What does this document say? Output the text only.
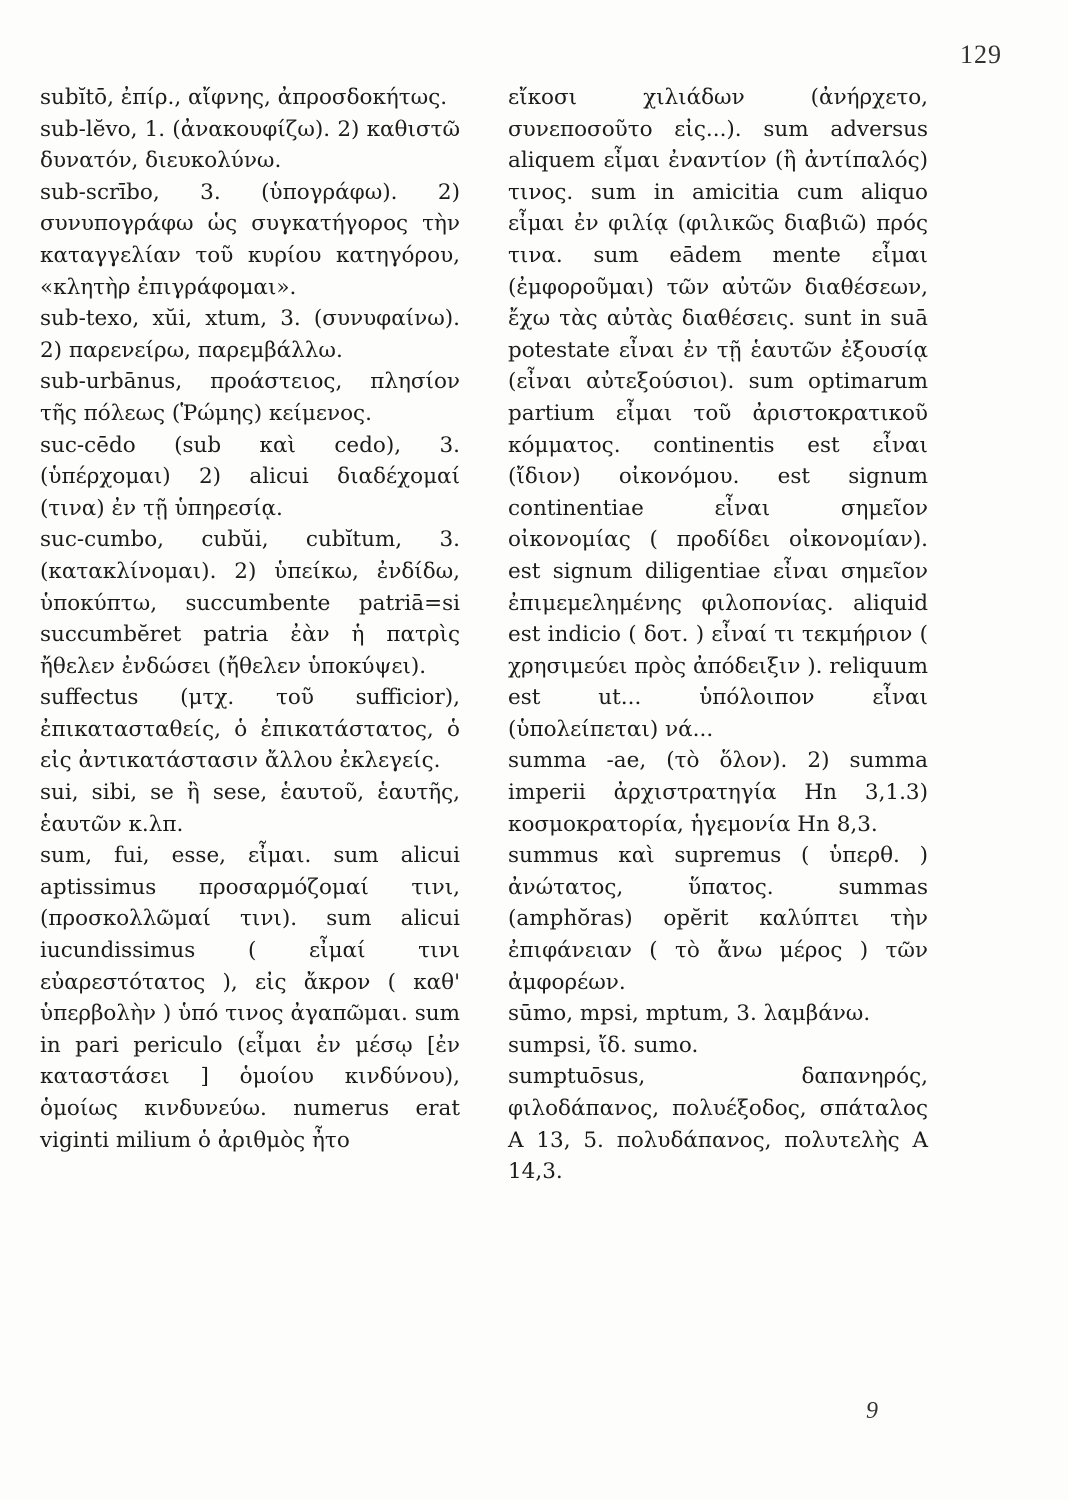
129

subĭtō, ἐπίρ., αἴφνης, ἀπροσδοκήτως.

sub-lĕvo, 1. (ἀνακουφίζω). 2) καθιστῶ δυνατόν, διευκολύνω.

sub-scrībo, 3. (ὑπογράφω). 2) συνυπογράφω ὡς συγκατήγορος τὴν καταγγελίαν τοῦ κυρίου κατηγόρου, «κλητὴρ ἐπιγράφομαι».

sub-texo, xŭi, xtum, 3. (συνυφαίνω). 2) παρενείρω, παρεμβάλλω.

sub-urbānus, προάστειος, πλησίον τῆς πόλεως (Ῥώμης) κείμενος.

suc-cēdo (sub καὶ cedo), 3. (ὑπέρχομαι) 2) alicui διαδέχομαί (τινα) ἐν τῇ ὑπηρεσίᾳ.

suc-cumbo, cubŭi, cubĭtum, 3. (κατακλίνομαι). 2) ὑπείκω, ἐνδίδω, ὑποκύπτω, succumbente patriā=si succumbĕret patria ἐὰν ἡ πατρὶς ἤθελεν ἐνδώσει (ἤθελεν ὑποκύψει).

suffectus (μτχ. τοῦ sufficior), ἐπικατασταθείς, ὁ ἐπικατάστατος, ὁ εἰς ἀντικατάστασιν ἄλλου ἐκλεγείς.

sui, sibi, se ἢ sese, ἑαυτοῦ, ἑαυτῆς, ἑαυτῶν κ.λπ.

sum, fui, esse, εἶμαι. sum alicui aptissimus προσαρμόζομαί τινι, (προσκολλῶμαί τινι). sum alicui iucundissimus ( εἶμαί τινι εὐαρεστότατος ), εἰς ἄκρον ( καθ' ὑπερβολὴν ) ὑπό τινος ἀγαπῶμαι. sum in pari periculo (εἶμαι ἐν μέσῳ [ἐν καταστάσει ] ὁμοίου κινδύνου), ὁμοίως κινδυνεύω. numerus erat viginti milium ὁ ἀριθμὸς ἦτο

εἴκοσι χιλιάδων (ἀνήρχετο, συνεποσοῦτο εἰς...). sum adversus aliquem εἶμαι ἐναντίον (ἢ ἀντίπαλός) τινος. sum in amicitia cum aliquo εἶμαι ἐν φιλίᾳ (φιλικῶς διαβιῶ) πρός τινα. sum eādem mente εἶμαι (ἐμφοροῦμαι) τῶν αὐτῶν διαθέσεων, ἔχω τὰς αὐτὰς διαθέσεις. sunt in suā potestate εἶναι ἐν τῇ ἑαυτῶν ἐξουσίᾳ (εἶναι αὐτεξούσιοι). sum optimarum partium εἶμαι τοῦ ἀριστοκρατικοῦ κόμματος. continentis est εἶναι (ἴδιον) οἰκονόμου. est signum continentiae εἶναι σημεῖον οἰκονομίας ( προδίδει οἰκονομίαν). est signum diligentiae εἶναι σημεῖον ἐπιμεμελημένης φιλοπονίας. aliquid est indicio ( δοτ. ) εἶναί τι τεκμήριον ( χρησιμεύει πρὸς ἀπόδειξιν ). reliquum est ut... ὑπόλοιπον εἶναι (ὑπολείπεται) νά...

summa -ae, (τὸ ὅλον). 2) summa imperii ἀρχιστρατηγία Hn 3,1.3) κοσμοκρατορία, ἡγεμονία Hn 8,3.

summus καὶ supremus ( ὑπερθ. ) ἀνώτατος, ὕπατος. summas (amphŏras) opĕrit καλύπτει τὴν ἐπιφάνειαν ( τὸ ἄνω μέρος ) τῶν ἀμφορέων.

sūmo, mpsi, mptum, 3. λαμβάνω.

sumpsi, ἴδ. sumo.

sumptuōsus, δαπανηρός, φιλοδάπανος, πολυέξοδος, σπάταλος A 13, 5. πολυδάπανος, πολυτελὴς A 14,3.

9
